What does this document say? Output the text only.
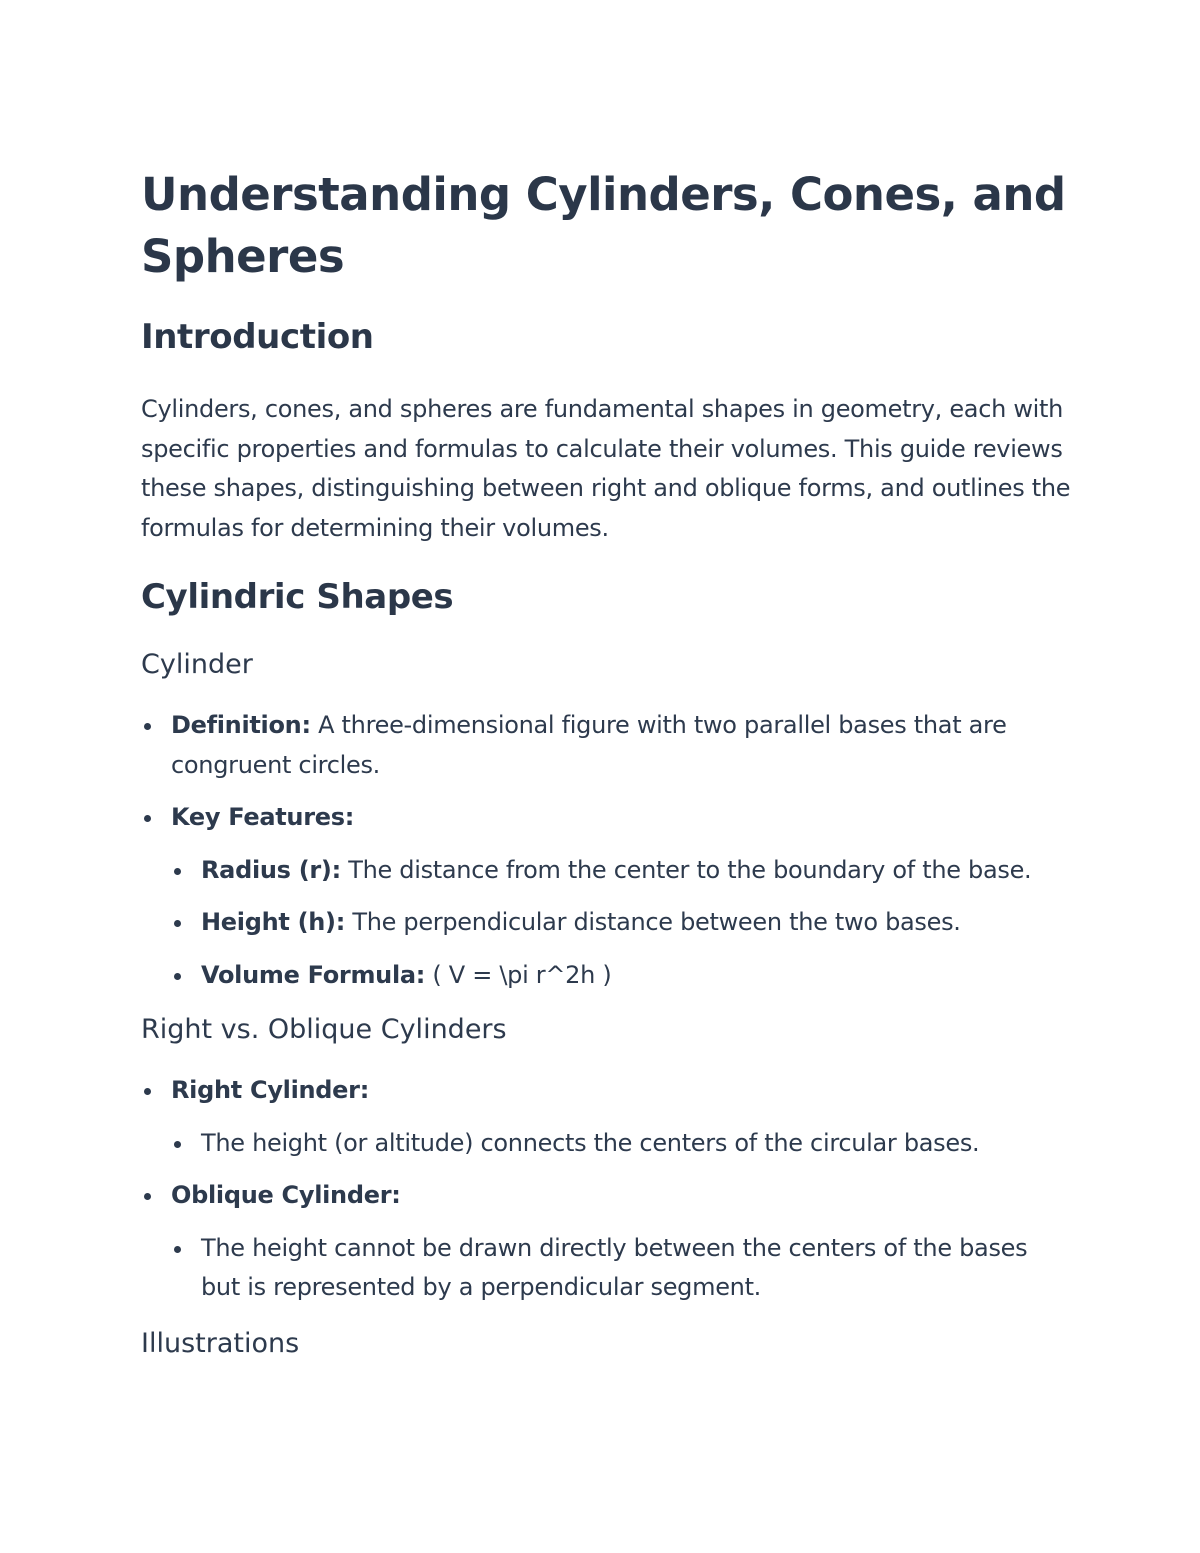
Understanding Cylinders, Cones, and Spheres
Introduction

Cylinders, cones, and spheres are fundamental shapes in geometry, each with specific properties and formulas to calculate their volumes. This guide reviews these shapes, distinguishing between right and oblique forms, and outlines the formulas for determining their volumes.

Cylindric Shapes
Cylinder
Definition: A three-dimensional figure with two parallel bases that are congruent circles.
Key Features:
Radius (r): The distance from the center to the boundary of the base.
Height (h): The perpendicular distance between the two bases.
Volume Formula: ( V = \pi r^2h )
Right vs. Oblique Cylinders
Right Cylinder:
The height (or altitude) connects the centers of the circular bases.
Oblique Cylinder:
The height cannot be drawn directly between the centers of the bases but is represented by a perpendicular segment.
Illustrations
